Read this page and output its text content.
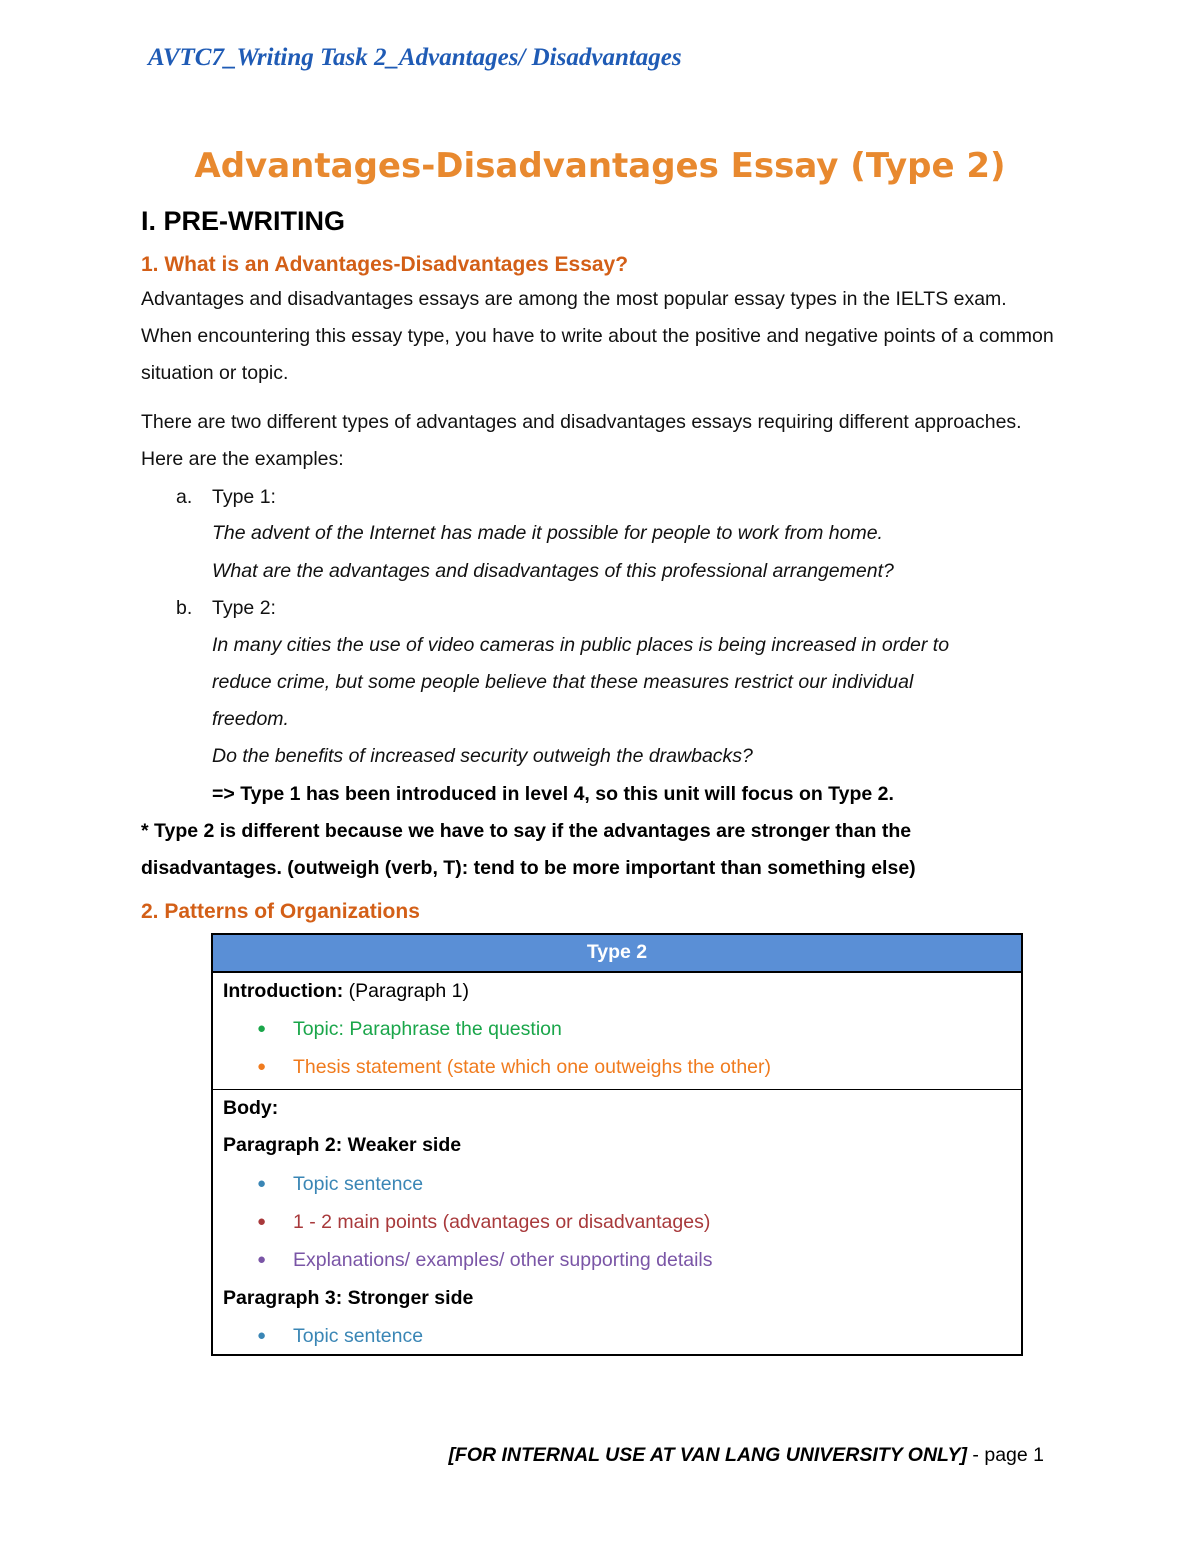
AVTC7_Writing Task 2_Advantages/ Disadvantages
Advantages-Disadvantages Essay (Type 2)
I. PRE-WRITING
1. What is an Advantages-Disadvantages Essay?
Advantages and disadvantages essays are among the most popular essay types in the IELTS exam. When encountering this essay type, you have to write about the positive and negative points of a common situation or topic.
There are two different types of advantages and disadvantages essays requiring different approaches. Here are the examples:
a. Type 1:
The advent of the Internet has made it possible for people to work from home.
What are the advantages and disadvantages of this professional arrangement?
b. Type 2:
In many cities the use of video cameras in public places is being increased in order to
reduce crime, but some people believe that these measures restrict our individual
freedom.
Do the benefits of increased security outweigh the drawbacks?
=> Type 1 has been introduced in level 4, so this unit will focus on Type 2.
* Type 2 is different because we have to say if the advantages are stronger than the
disadvantages. (outweigh (verb, T): tend to be more important than something else)
2. Patterns of Organizations
Type 2
Introduction: (Paragraph 1)
● Topic: Paraphrase the question
● Thesis statement (state which one outweighs the other)
Body:
Paragraph 2: Weaker side
● Topic sentence
● 1 - 2 main points (advantages or disadvantages)
● Explanations/ examples/ other supporting details
Paragraph 3: Stronger side
● Topic sentence
[FOR INTERNAL USE AT VAN LANG UNIVERSITY ONLY] - page 1
